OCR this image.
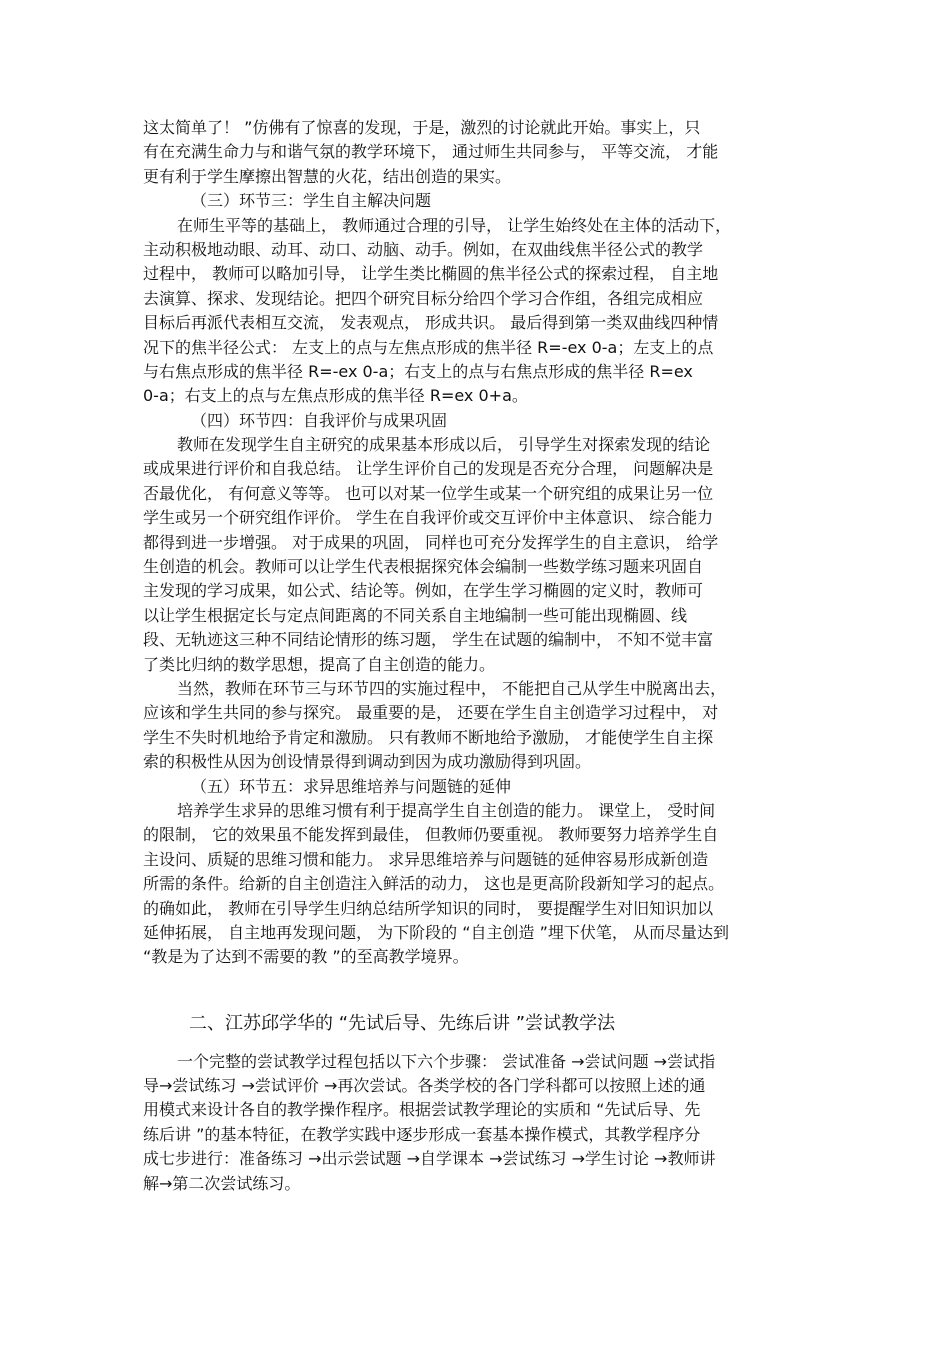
这太简单了！ ”仿佛有了惊喜的发现，于是，激烈的讨论就此开始。事实上，只
有在充满生命力与和谐气氛的教学环境下， 通过师生共同参与， 平等交流， 才能
更有利于学生摩擦出智慧的火花，结出创造的果实。
（三）环节三：学生自主解决问题
在师生平等的基础上， 教师通过合理的引导， 让学生始终处在主体的活动下，
主动积极地动眼、动耳、动口、动脑、动手。例如，在双曲线焦半径公式的教学
过程中， 教师可以略加引导， 让学生类比椭圆的焦半径公式的探索过程， 自主地
去演算、探求、发现结论。把四个研究目标分给四个学习合作组，各组完成相应
目标后再派代表相互交流， 发表观点， 形成共识。 最后得到第一类双曲线四种情
况下的焦半径公式： 左支上的点与左焦点形成的焦半径 R=-ex 0-a；左支上的点
与右焦点形成的焦半径 R=-ex 0-a；右支上的点与右焦点形成的焦半径 R=ex
0-a；右支上的点与左焦点形成的焦半径 R=ex 0+a。
（四）环节四：自我评价与成果巩固
教师在发现学生自主研究的成果基本形成以后， 引导学生对探索发现的结论
或成果进行评价和自我总结。 让学生评价自己的发现是否充分合理， 问题解决是
否最优化， 有何意义等等。 也可以对某一位学生或某一个研究组的成果让另一位
学生或另一个研究组作评价。 学生在自我评价或交互评价中主体意识、 综合能力
都得到进一步增强。 对于成果的巩固， 同样也可充分发挥学生的自主意识， 给学
生创造的机会。教师可以让学生代表根据探究体会编制一些数学练习题来巩固自
主发现的学习成果，如公式、结论等。例如，在学生学习椭圆的定义时，教师可
以让学生根据定长与定点间距离的不同关系自主地编制一些可能出现椭圆、线
段、无轨迹这三种不同结论情形的练习题， 学生在试题的编制中， 不知不觉丰富
了类比归纳的数学思想，提高了自主创造的能力。
当然，教师在环节三与环节四的实施过程中， 不能把自己从学生中脱离出去，
应该和学生共同的参与探究。 最重要的是， 还要在学生自主创造学习过程中， 对
学生不失时机地给予肯定和激励。 只有教师不断地给予激励， 才能使学生自主探
索的积极性从因为创设情景得到调动到因为成功激励得到巩固。
（五）环节五：求异思维培养与问题链的延伸
培养学生求异的思维习惯有利于提高学生自主创造的能力。 课堂上， 受时间
的限制， 它的效果虽不能发挥到最佳， 但教师仍要重视。 教师要努力培养学生自
主设问、质疑的思维习惯和能力。 求异思维培养与问题链的延伸容易形成新创造
所需的条件。给新的自主创造注入鲜活的动力， 这也是更高阶段新知学习的起点。
的确如此， 教师在引导学生归纳总结所学知识的同时， 要提醒学生对旧知识加以
延伸拓展， 自主地再发现问题， 为下阶段的 “自主创造 ”埋下伏笔， 从而尽量达到
“教是为了达到不需要的教 ”的至高教学境界。
二、江苏邱学华的 “先试后导、先练后讲 ”尝试教学法
一个完整的尝试教学过程包括以下六个步骤： 尝试准备 →尝试问题 →尝试指
导→尝试练习 →尝试评价 →再次尝试。各类学校的各门学科都可以按照上述的通
用模式来设计各自的教学操作程序。根据尝试教学理论的实质和 “先试后导、先
练后讲 ”的基本特征，在教学实践中逐步形成一套基本操作模式，其教学程序分
成七步进行：准备练习 →出示尝试题 →自学课本 →尝试练习 →学生讨论 →教师讲
解→第二次尝试练习。
